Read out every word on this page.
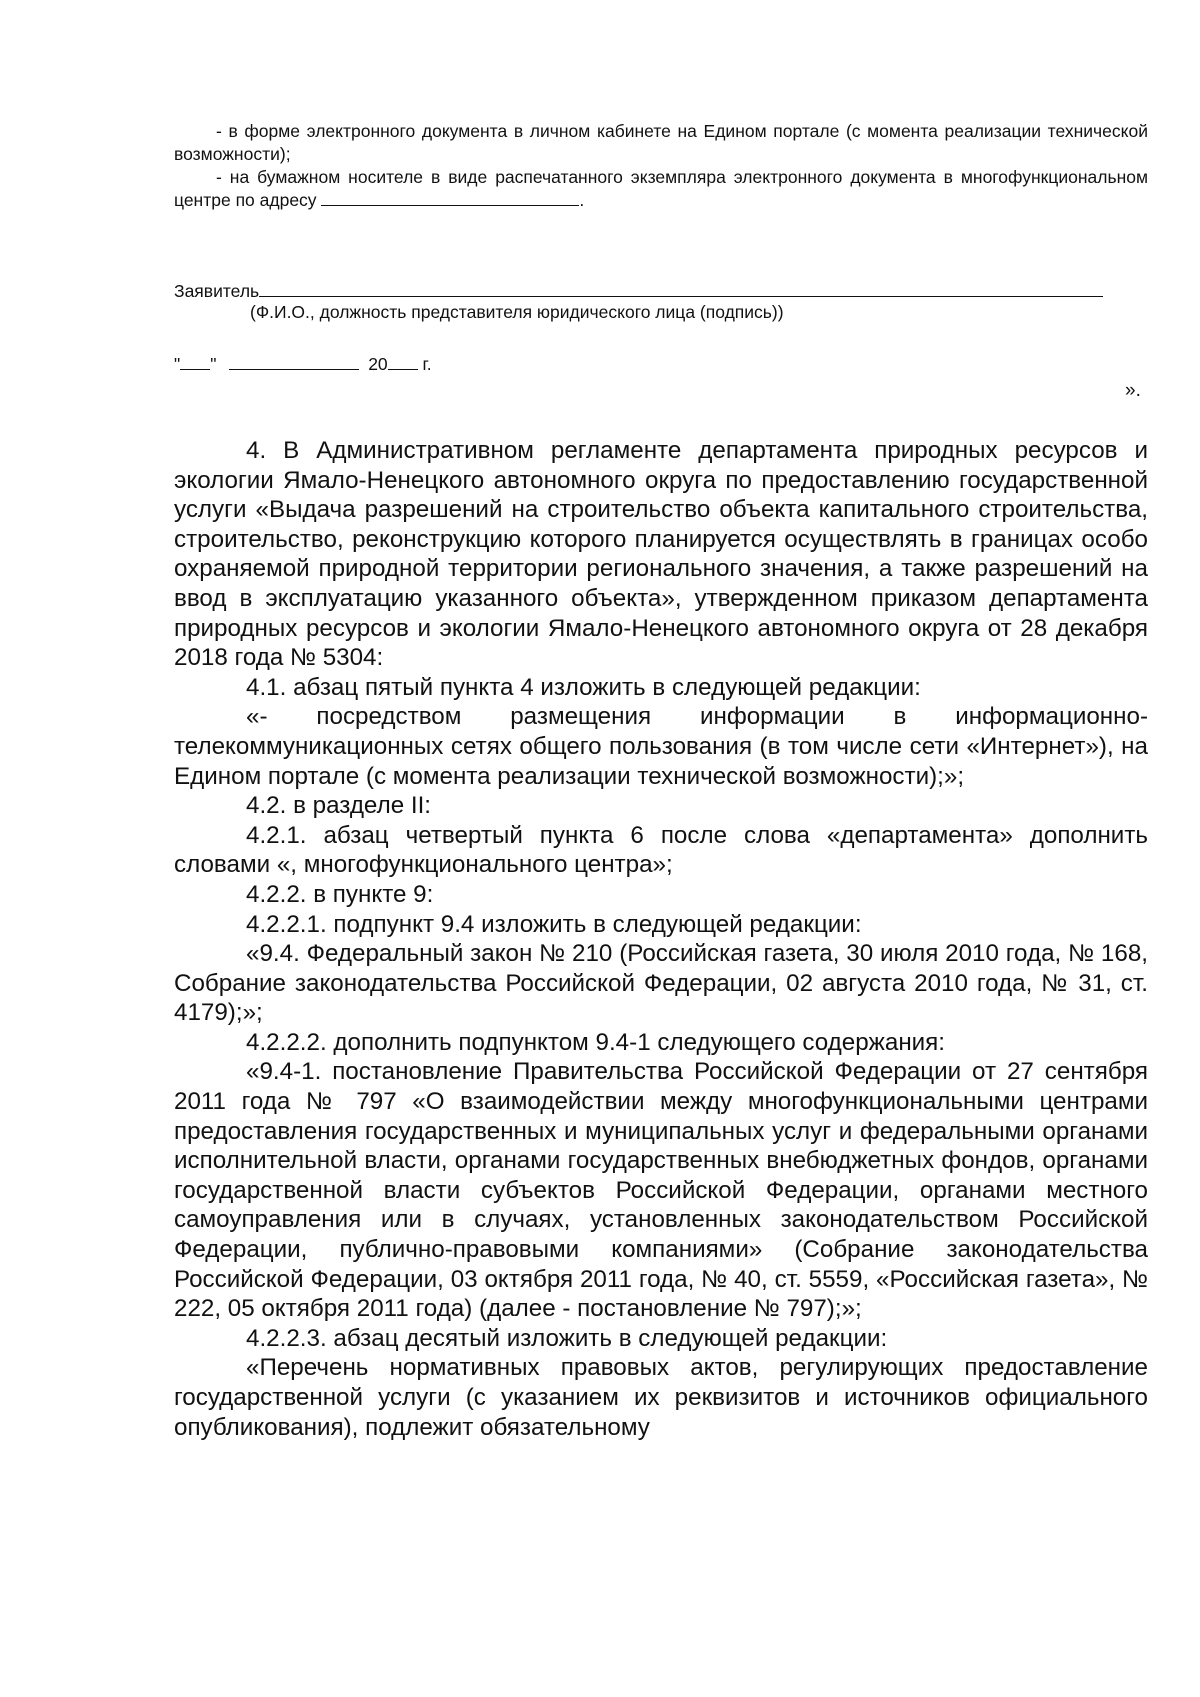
- в форме электронного документа в личном кабинете на Едином портале (с момента реализации технической возможности);

- на бумажном носителе в виде распечатанного экземпляра электронного документа в многофункциональном центре по адресу	.

Заявитель
(Ф.И.О., должность представителя юридического лица (подпись))
" "	20 г.
».

4. В Административном регламенте департамента природных ресурсов и экологии Ямало-Ненецкого автономного округа по предоставлению государственной услуги «Выдача разрешений на строительство объекта капитального строительства, строительство, реконструкцию которого планируется осуществлять в границах особо охраняемой природной территории регионального значения, а также разрешений на ввод в эксплуатацию указанного объекта», утвержденном приказом департамента природных ресурсов и экологии Ямало-Ненецкого автономного округа от 28 декабря 2018 года № 5304:

4.1. абзац пятый пункта 4 изложить в следующей редакции:

«- посредством размещения информации в информационно-телекоммуникационных сетях общего пользования (в том числе сети «Интернет»), на Едином портале (с момента реализации технической возможности);»;

4.2. в разделе II:

4.2.1. абзац четвертый пункта 6 после слова «департамента» дополнить словами «, многофункционального центра»;

4.2.2. в пункте 9:

4.2.2.1. подпункт 9.4 изложить в следующей редакции:

«9.4. Федеральный закон № 210 (Российская газета, 30 июля 2010 года, № 168, Собрание законодательства Российской Федерации, 02 августа 2010 года, № 31, ст. 4179);»;

4.2.2.2. дополнить подпунктом 9.4-1 следующего содержания:

«9.4-1. постановление Правительства Российской Федерации от 27 сентября 2011 года № 797 «О взаимодействии между многофункциональными центрами предоставления государственных и муниципальных услуг и федеральными органами исполнительной власти, органами государственных внебюджетных фондов, органами государственной власти субъектов Российской Федерации, органами местного самоуправления или в случаях, установленных законодательством Российской Федерации, публично-правовыми компаниями» (Собрание законодательства Российской Федерации, 03 октября 2011 года, № 40, ст. 5559, «Российская газета», № 222, 05 октября 2011 года) (далее - постановление № 797);»;

4.2.2.3. абзац десятый изложить в следующей редакции:

«Перечень нормативных правовых актов, регулирующих предоставление государственной услуги (с указанием их реквизитов и источников официального опубликования), подлежит обязательному
